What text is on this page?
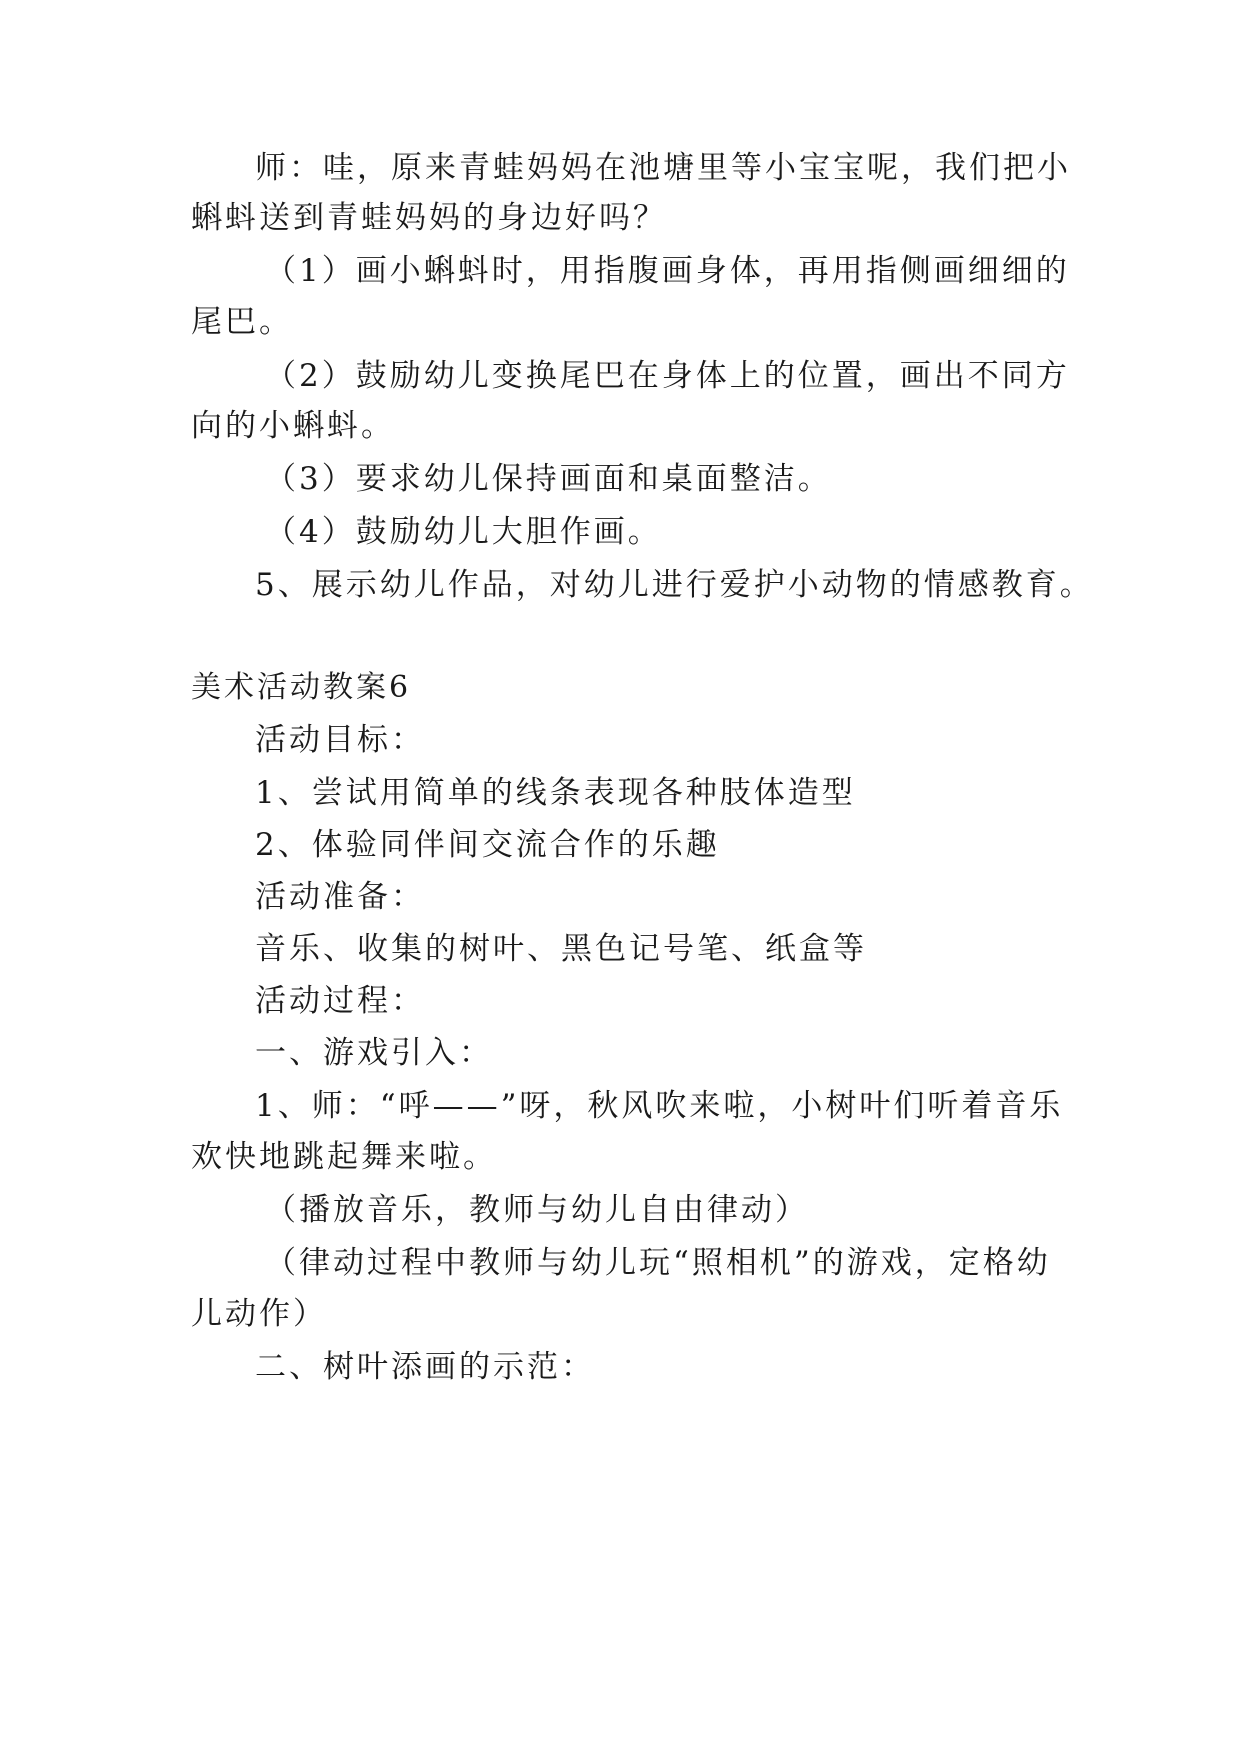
师：哇，原来青蛙妈妈在池塘里等小宝宝呢，我们把小
蝌蚪送到青蛙妈妈的身边好吗？
（1）画小蝌蚪时，用指腹画身体，再用指侧画细细的
尾巴。
（2）鼓励幼儿变换尾巴在身体上的位置，画出不同方
向的小蝌蚪。
（3）要求幼儿保持画面和桌面整洁。
（4）鼓励幼儿大胆作画。
5、展示幼儿作品，对幼儿进行爱护小动物的情感教育。
美术活动教案6
活动目标：
1、尝试用简单的线条表现各种肢体造型
2、体验同伴间交流合作的乐趣
活动准备：
音乐、收集的树叶、黑色记号笔、纸盒等
活动过程：
一、游戏引入：
1、师：“呼——”呀，秋风吹来啦，小树叶们听着音乐
欢快地跳起舞来啦。
（播放音乐，教师与幼儿自由律动）
（律动过程中教师与幼儿玩“照相机”的游戏，定格幼
儿动作）
二、树叶添画的示范：
